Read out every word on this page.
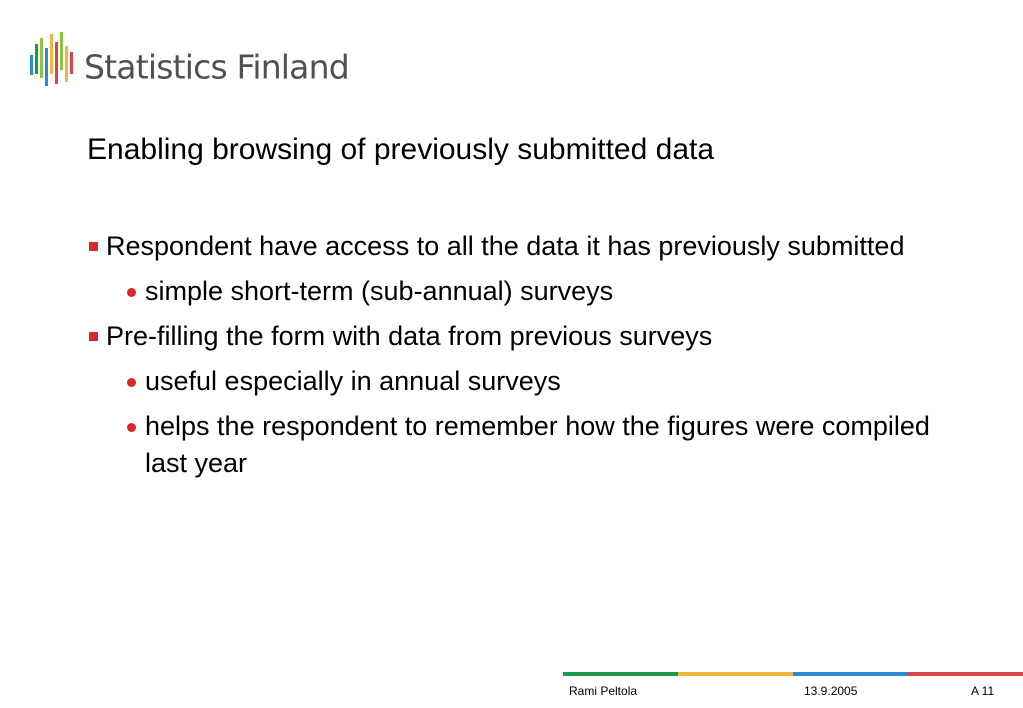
Statistics Finland
Enabling browsing of previously submitted data
Respondent have access to all the data it has previously submitted
simple short-term (sub-annual) surveys
Pre-filling the form with data from previous surveys
useful especially in annual surveys
helps the respondent to remember how the figures were compiled last year
Rami Peltola	13.9.2005	A 11
